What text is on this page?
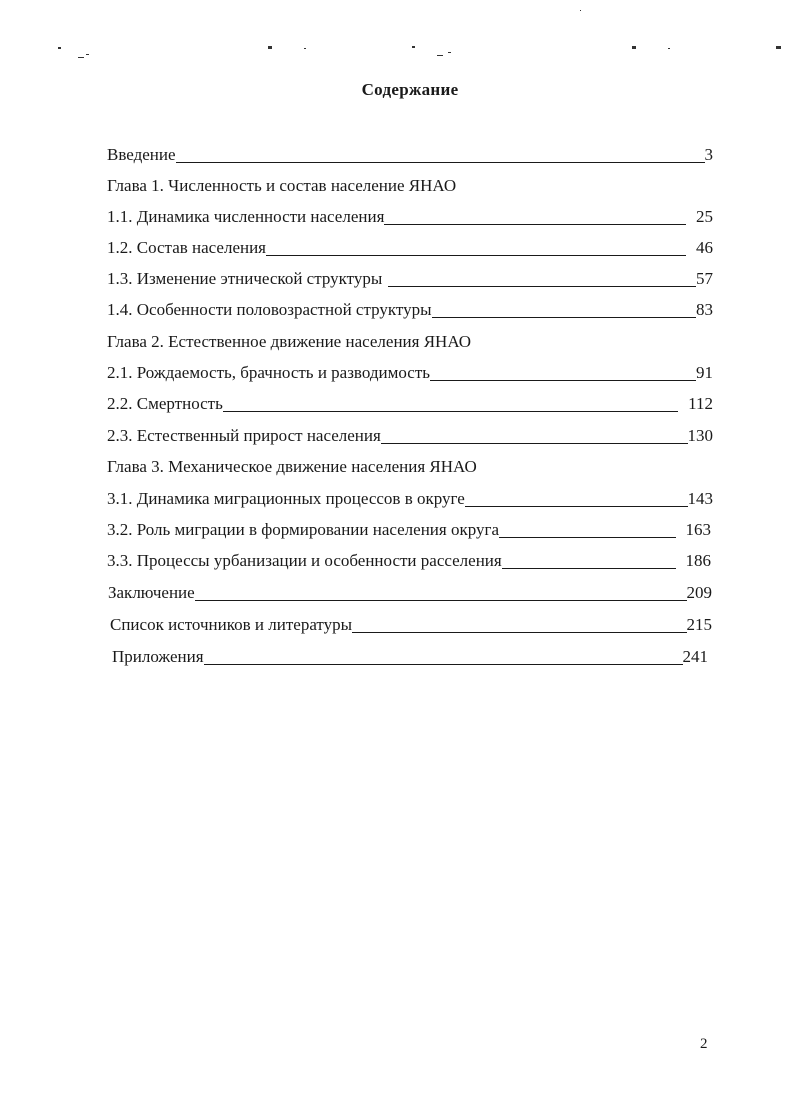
Содержание
Введение	3
Глава 1. Численность и состав население ЯНАО
1.1. Динамика численности населения	25
1.2. Состав населения	46
1.3. Изменение этнической структуры	57
1.4. Особенности половозрастной структуры	83
Глава 2. Естественное движение населения ЯНАО
2.1. Рождаемость, брачность и разводимость	91
2.2. Смертность	112
2.3. Естественный прирост населения	130
Глава 3. Механическое движение населения ЯНАО
3.1. Динамика миграционных процессов в округе	143
3.2. Роль миграции в формировании населения округа	163
3.3. Процессы урбанизации и особенности расселения	186
Заключение	209
Список источников и литературы	215
Приложения	241
2
